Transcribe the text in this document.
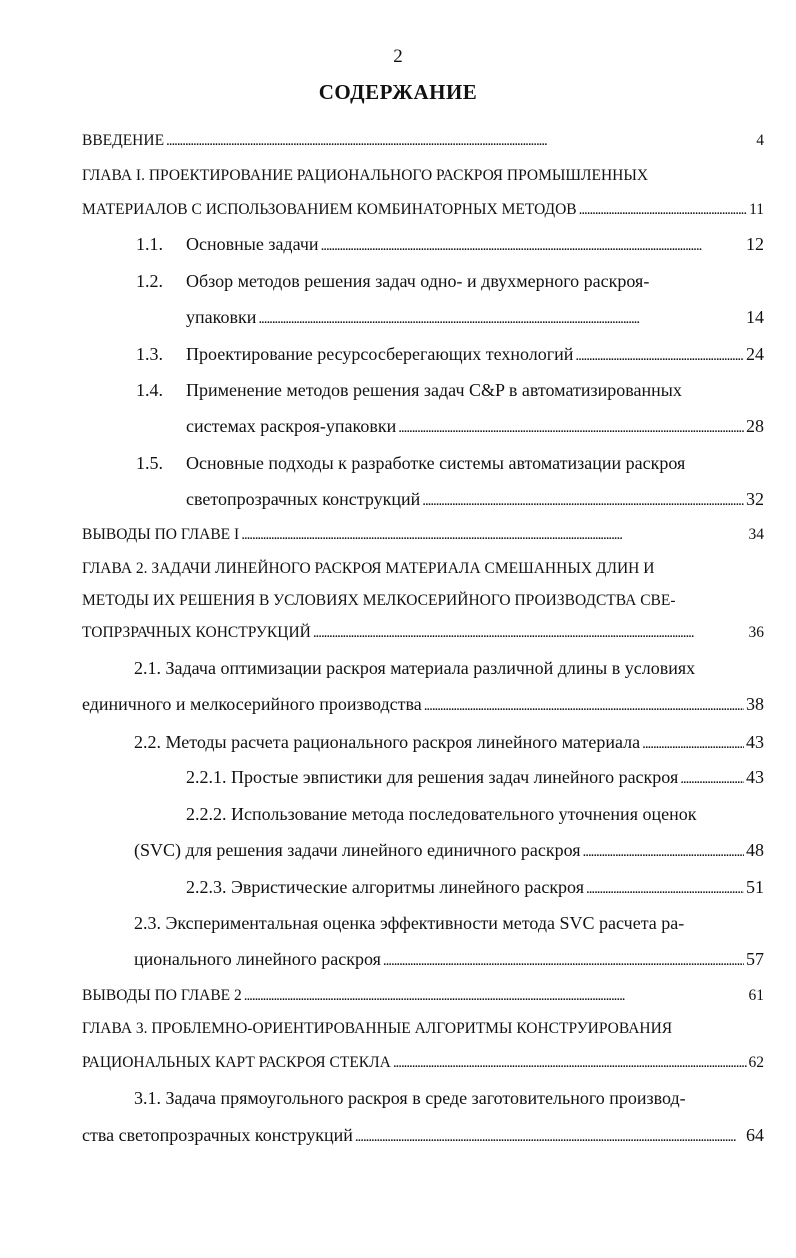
2
СОДЕРЖАНИЕ
ВВЕДЕНИЕ . . .	4
ГЛАВА I. ПРОЕКТИРОВАНИЕ РАЦИОНАЛЬНОГО РАСКРОЯ ПРОМЫШЛЕННЫХ
МАТЕРИАЛОВ С ИСПОЛЬЗОВАНИЕМ КОМБИНАТОРНЫХ МЕТОДОВ . . .	11
1.1.	Основные задачи . . .	12
1.2.	Обзор методов решения задач одно- и двухмерного раскроя-
упаковки . . .	14
1.3.	Проектирование ресурсосберегающих технологий . . .	24
1.4.	Применение методов решения задач C&P в автоматизированных
системах раскроя-упаковки . . .	28
1.5.	Основные подходы к разработке системы автоматизации раскроя
светопрозрачных конструкций . . .	32
ВЫВОДЫ ПО ГЛАВЕ I . . .	34
ГЛАВА 2. ЗАДАЧИ ЛИНЕЙНОГО РАСКРОЯ МАТЕРИАЛА СМЕШАННЫХ ДЛИН И
МЕТОДЫ ИХ РЕШЕНИЯ В УСЛОВИЯХ МЕЛКОСЕРИЙНОГО ПРОИЗВОДСТВА СВЕ-
ТОПРЗРАЧНЫХ КОНСТРУКЦИЙ . . .	36
2.1. Задача оптимизации раскроя материала различной длины в условиях
единичного и мелкосерийного производства . . .	38
2.2. Методы расчета рационального раскроя линейного материала . . .	43
2.2.1. Простые эвпистики для решения задач линейного раскроя . . .	43
2.2.2. Использование метода последовательного уточнения оценок
(SVC) для решения задачи линейного единичного раскроя . . .	48
2.2.3. Эвристические алгоритмы линейного раскроя . . .	51
2.3. Экспериментальная оценка эффективности метода SVC расчета ра-
ционального линейного раскроя . . .	57
ВЫВОДЫ ПО ГЛАВЕ 2 . . .	61
ГЛАВА 3. ПРОБЛЕМНО-ОРИЕНТИРОВАННЫЕ АЛГОРИТМЫ КОНСТРУИРОВАНИЯ
РАЦИОНАЛЬНЫХ КАРТ РАСКРОЯ СТЕКЛА . . .	62
3.1. Задача прямоугольного раскроя в среде заготовительного производ-
ства светопрозрачных конструкций . . .	64
